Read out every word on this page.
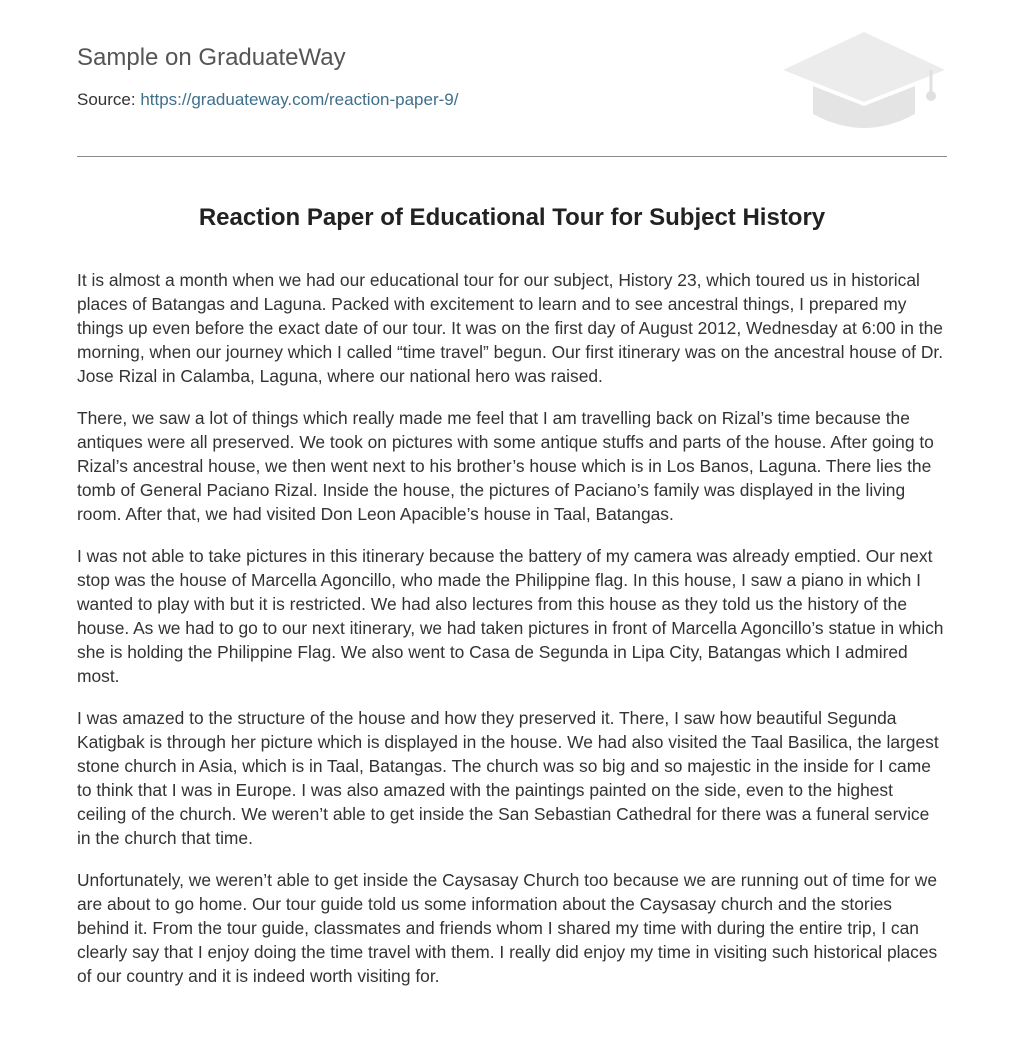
Sample on GraduateWay
Source: https://graduateway.com/reaction-paper-9/
Reaction Paper of Educational Tour for Subject History

It is almost a month when we had our educational tour for our subject, History 23, which toured us in historical places of Batangas and Laguna. Packed with excitement to learn and to see ancestral things, I prepared my things up even before the exact date of our tour. It was on the first day of August 2012, Wednesday at 6:00 in the morning, when our journey which I called “time travel” begun. Our first itinerary was on the ancestral house of Dr. Jose Rizal in Calamba, Laguna, where our national hero was raised.

There, we saw a lot of things which really made me feel that I am travelling back on Rizal’s time because the antiques were all preserved. We took on pictures with some antique stuffs and parts of the house. After going to Rizal’s ancestral house, we then went next to his brother’s house which is in Los Banos, Laguna. There lies the tomb of General Paciano Rizal. Inside the house, the pictures of Paciano’s family was displayed in the living room. After that, we had visited Don Leon Apacible’s house in Taal, Batangas.

I was not able to take pictures in this itinerary because the battery of my camera was already emptied. Our next stop was the house of Marcella Agoncillo, who made the Philippine flag. In this house, I saw a piano in which I wanted to play with but it is restricted. We had also lectures from this house as they told us the history of the house. As we had to go to our next itinerary, we had taken pictures in front of Marcella Agoncillo’s statue in which she is holding the Philippine Flag. We also went to Casa de Segunda in Lipa City, Batangas which I admired most.

I was amazed to the structure of the house and how they preserved it. There, I saw how beautiful Segunda Katigbak is through her picture which is displayed in the house. We had also visited the Taal Basilica, the largest stone church in Asia, which is in Taal, Batangas. The church was so big and so majestic in the inside for I came to think that I was in Europe. I was also amazed with the paintings painted on the side, even to the highest ceiling of the church. We weren’t able to get inside the San Sebastian Cathedral for there was a funeral service in the church that time.

Unfortunately, we weren’t able to get inside the Caysasay Church too because we are running out of time for we are about to go home. Our tour guide told us some information about the Caysasay church and the stories behind it. From the tour guide, classmates and friends whom I shared my time with during the entire trip, I can clearly say that I enjoy doing the time travel with them. I really did enjoy my time in visiting such historical places of our country and it is indeed worth visiting for.
